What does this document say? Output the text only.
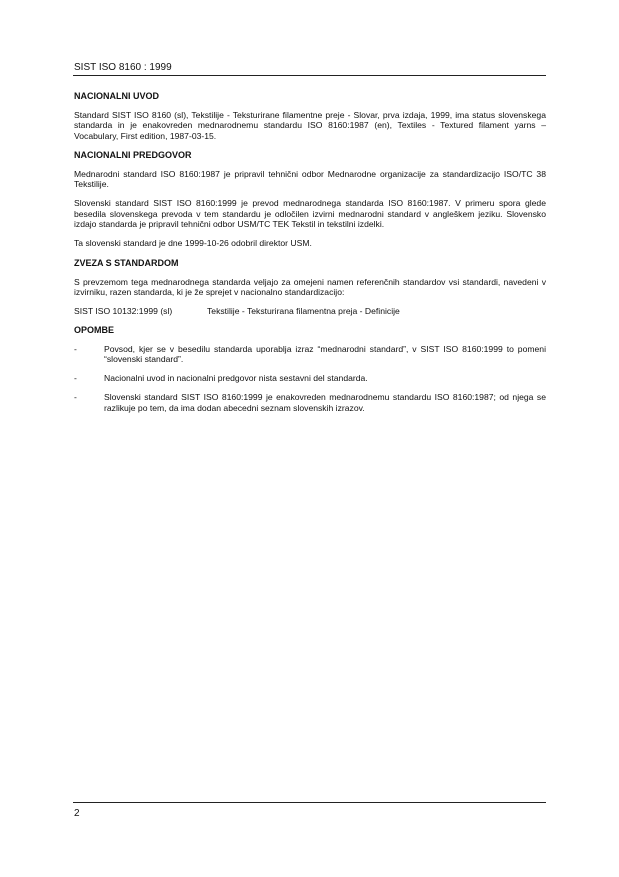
SIST ISO 8160 : 1999
NACIONALNI UVOD

Standard SIST ISO 8160 (sl), Tekstilije - Teksturirane filamentne preje - Slovar, prva izdaja, 1999, ima status slovenskega standarda in je enakovreden mednarodnemu standardu ISO 8160:1987 (en), Textiles - Textured filament yarns – Vocabulary, First edition, 1987-03-15.

NACIONALNI PREDGOVOR

Mednarodni standard ISO 8160:1987 je pripravil tehnični odbor Mednarodne organizacije za standardizacijo ISO/TC 38 Tekstilije.

Slovenski standard SIST ISO 8160:1999 je prevod mednarodnega standarda ISO 8160:1987. V primeru spora glede besedila slovenskega prevoda v tem standardu je odločilen izvirni mednarodni standard v angleškem jeziku. Slovensko izdajo standarda je pripravil tehnični odbor USM/TC TEK Tekstil in tekstilni izdelki.

Ta slovenski standard je dne 1999-10-26 odobril direktor USM.

ZVEZA S STANDARDOM

S prevzemom tega mednarodnega standarda veljajo za omejeni namen referenčnih standardov vsi standardi, navedeni v izvirniku, razen standarda, ki je že sprejet v nacionalno standardizacijo:

SIST ISO 10132:1999 (sl)	Tekstilije - Teksturirana filamentna preja - Definicije
OPOMBE
-	Povsod, kjer se v besedilu standarda uporablja izraz “mednarodni standard”, v SIST ISO 8160:1999 to pomeni “slovenski standard”.
-	Nacionalni uvod in nacionalni predgovor nista sestavni del standarda.
-	Slovenski standard SIST ISO 8160:1999 je enakovreden mednarodnemu standardu ISO 8160:1987; od njega se razlikuje po tem, da ima dodan abecedni seznam slovenskih izrazov.
2
